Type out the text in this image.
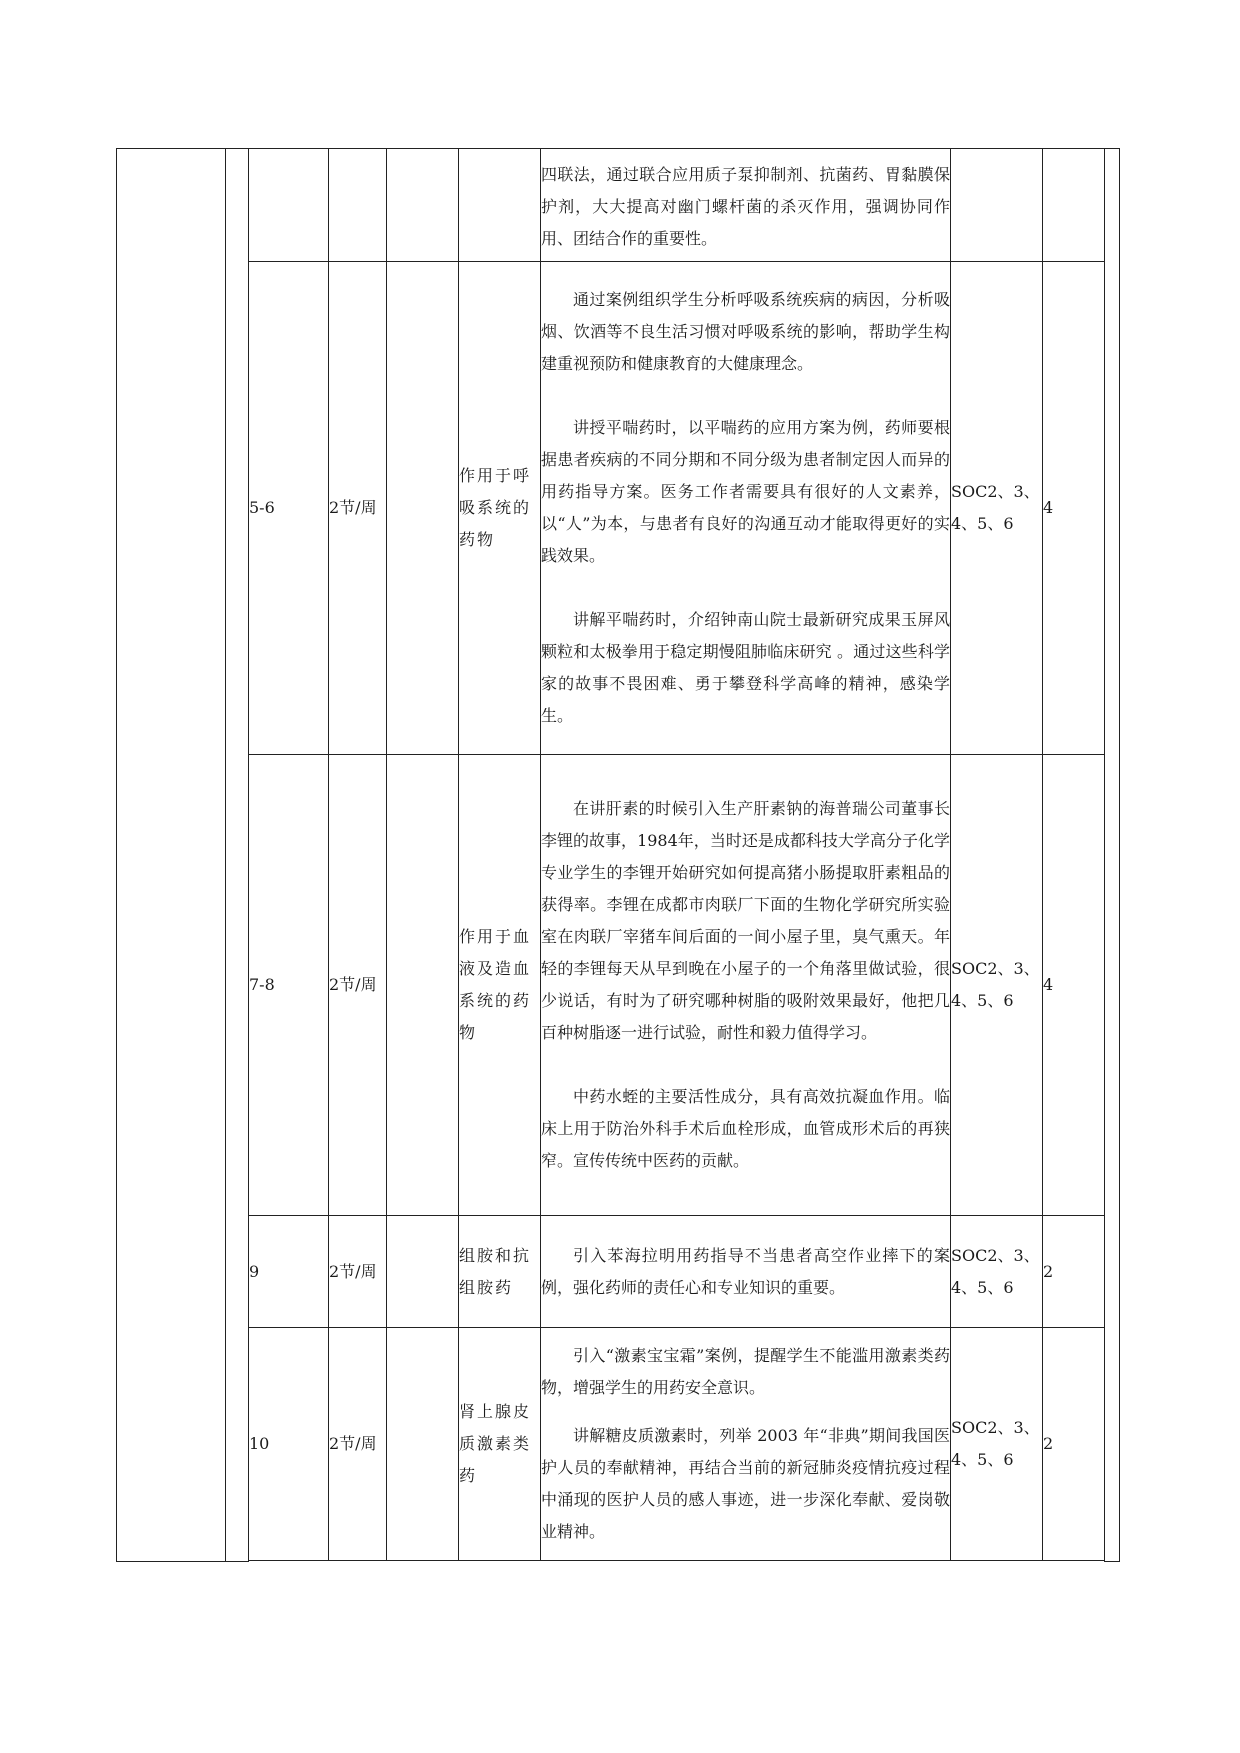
				四联法，通过联合应用质子泵抑制剂、抗菌药、胃黏膜保护剂，大大提高对幽门螺杆菌的杀灭作用，强调协同作用、团结合作的重要性。		

5-6	2节/周		作用于呼吸系统的药物	通过案例组织学生分析呼吸系统疾病的病因，分析吸烟、饮酒等不良生活习惯对呼吸系统的影响，帮助学生构建重视预防和健康教育的大健康理念。

讲授平喘药时，以平喘药的应用方案为例，药师要根据患者疾病的不同分期和不同分级为患者制定因人而异的用药指导方案。医务工作者需要具有很好的人文素养，以“人”为本，与患者有良好的沟通互动才能取得更好的实践效果。

讲解平喘药时，介绍钟南山院士最新研究成果玉屏风颗粒和太极拳用于稳定期慢阻肺临床研究 。通过这些科学家的故事不畏困难、勇于攀登科学高峰的精神，感染学生。	SOC2、3、4、5、6	4
7-8	2节/周		作用于血液及造血系统的药物	在讲肝素的时候引入生产肝素钠的海普瑞公司董事长李锂的故事，1984年，当时还是成都科技大学高分子化学专业学生的李锂开始研究如何提高猪小肠提取肝素粗品的获得率。李锂在成都市肉联厂下面的生物化学研究所实验室在肉联厂宰猪车间后面的一间小屋子里，臭气熏天。年轻的李锂每天从早到晚在小屋子的一个角落里做试验，很少说话，有时为了研究哪种树脂的吸附效果最好，他把几百种树脂逐一进行试验，耐性和毅力值得学习。

中药水蛭的主要活性成分，具有高效抗凝血作用。临床上用于防治外科手术后血栓形成，血管成形术后的再狭窄。宣传传统中医药的贡献。	SOC2、3、4、5、6	4
9	2节/周		组胺和抗组胺药	引入苯海拉明用药指导不当患者高空作业摔下的案例，强化药师的责任心和专业知识的重要。	SOC2、3、4、5、6	2
10	2节/周		肾上腺皮质激素类药	引入“激素宝宝霜”案例，提醒学生不能滥用激素类药物，增强学生的用药安全意识。

讲解糖皮质激素时，列举 2003 年“非典”期间我国医护人员的奉献精神，再结合当前的新冠肺炎疫情抗疫过程中涌现的医护人员的感人事迹，进一步深化奉献、爱岗敬业精神。	SOC2、3、4、5、6	2
